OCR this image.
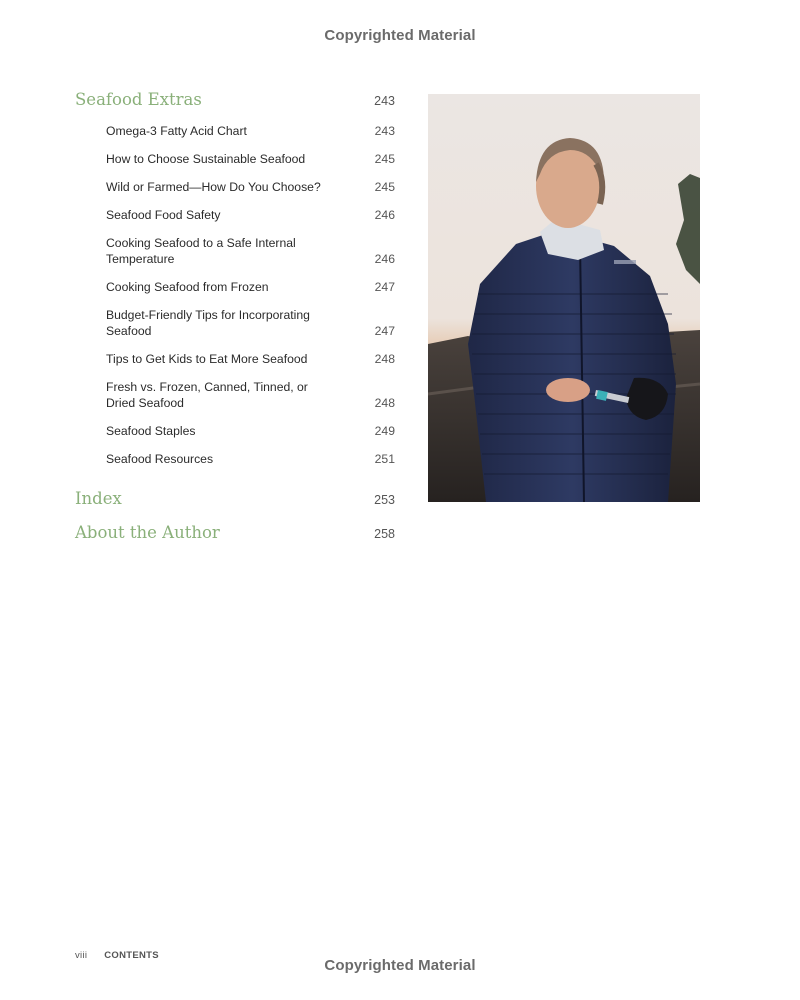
Copyrighted Material
Seafood Extras	243
Omega-3 Fatty Acid Chart	243
How to Choose Sustainable Seafood	245
Wild or Farmed—How Do You Choose?	245
Seafood Food Safety	246
Cooking Seafood to a Safe Internal Temperature	246
Cooking Seafood from Frozen	247
Budget-Friendly Tips for Incorporating Seafood	247
Tips to Get Kids to Eat More Seafood	248
Fresh vs. Frozen, Canned, Tinned, or Dried Seafood	248
Seafood Staples	249
Seafood Resources	251
Index	253
About the Author	258
viii CONTENTS
Copyrighted Material
